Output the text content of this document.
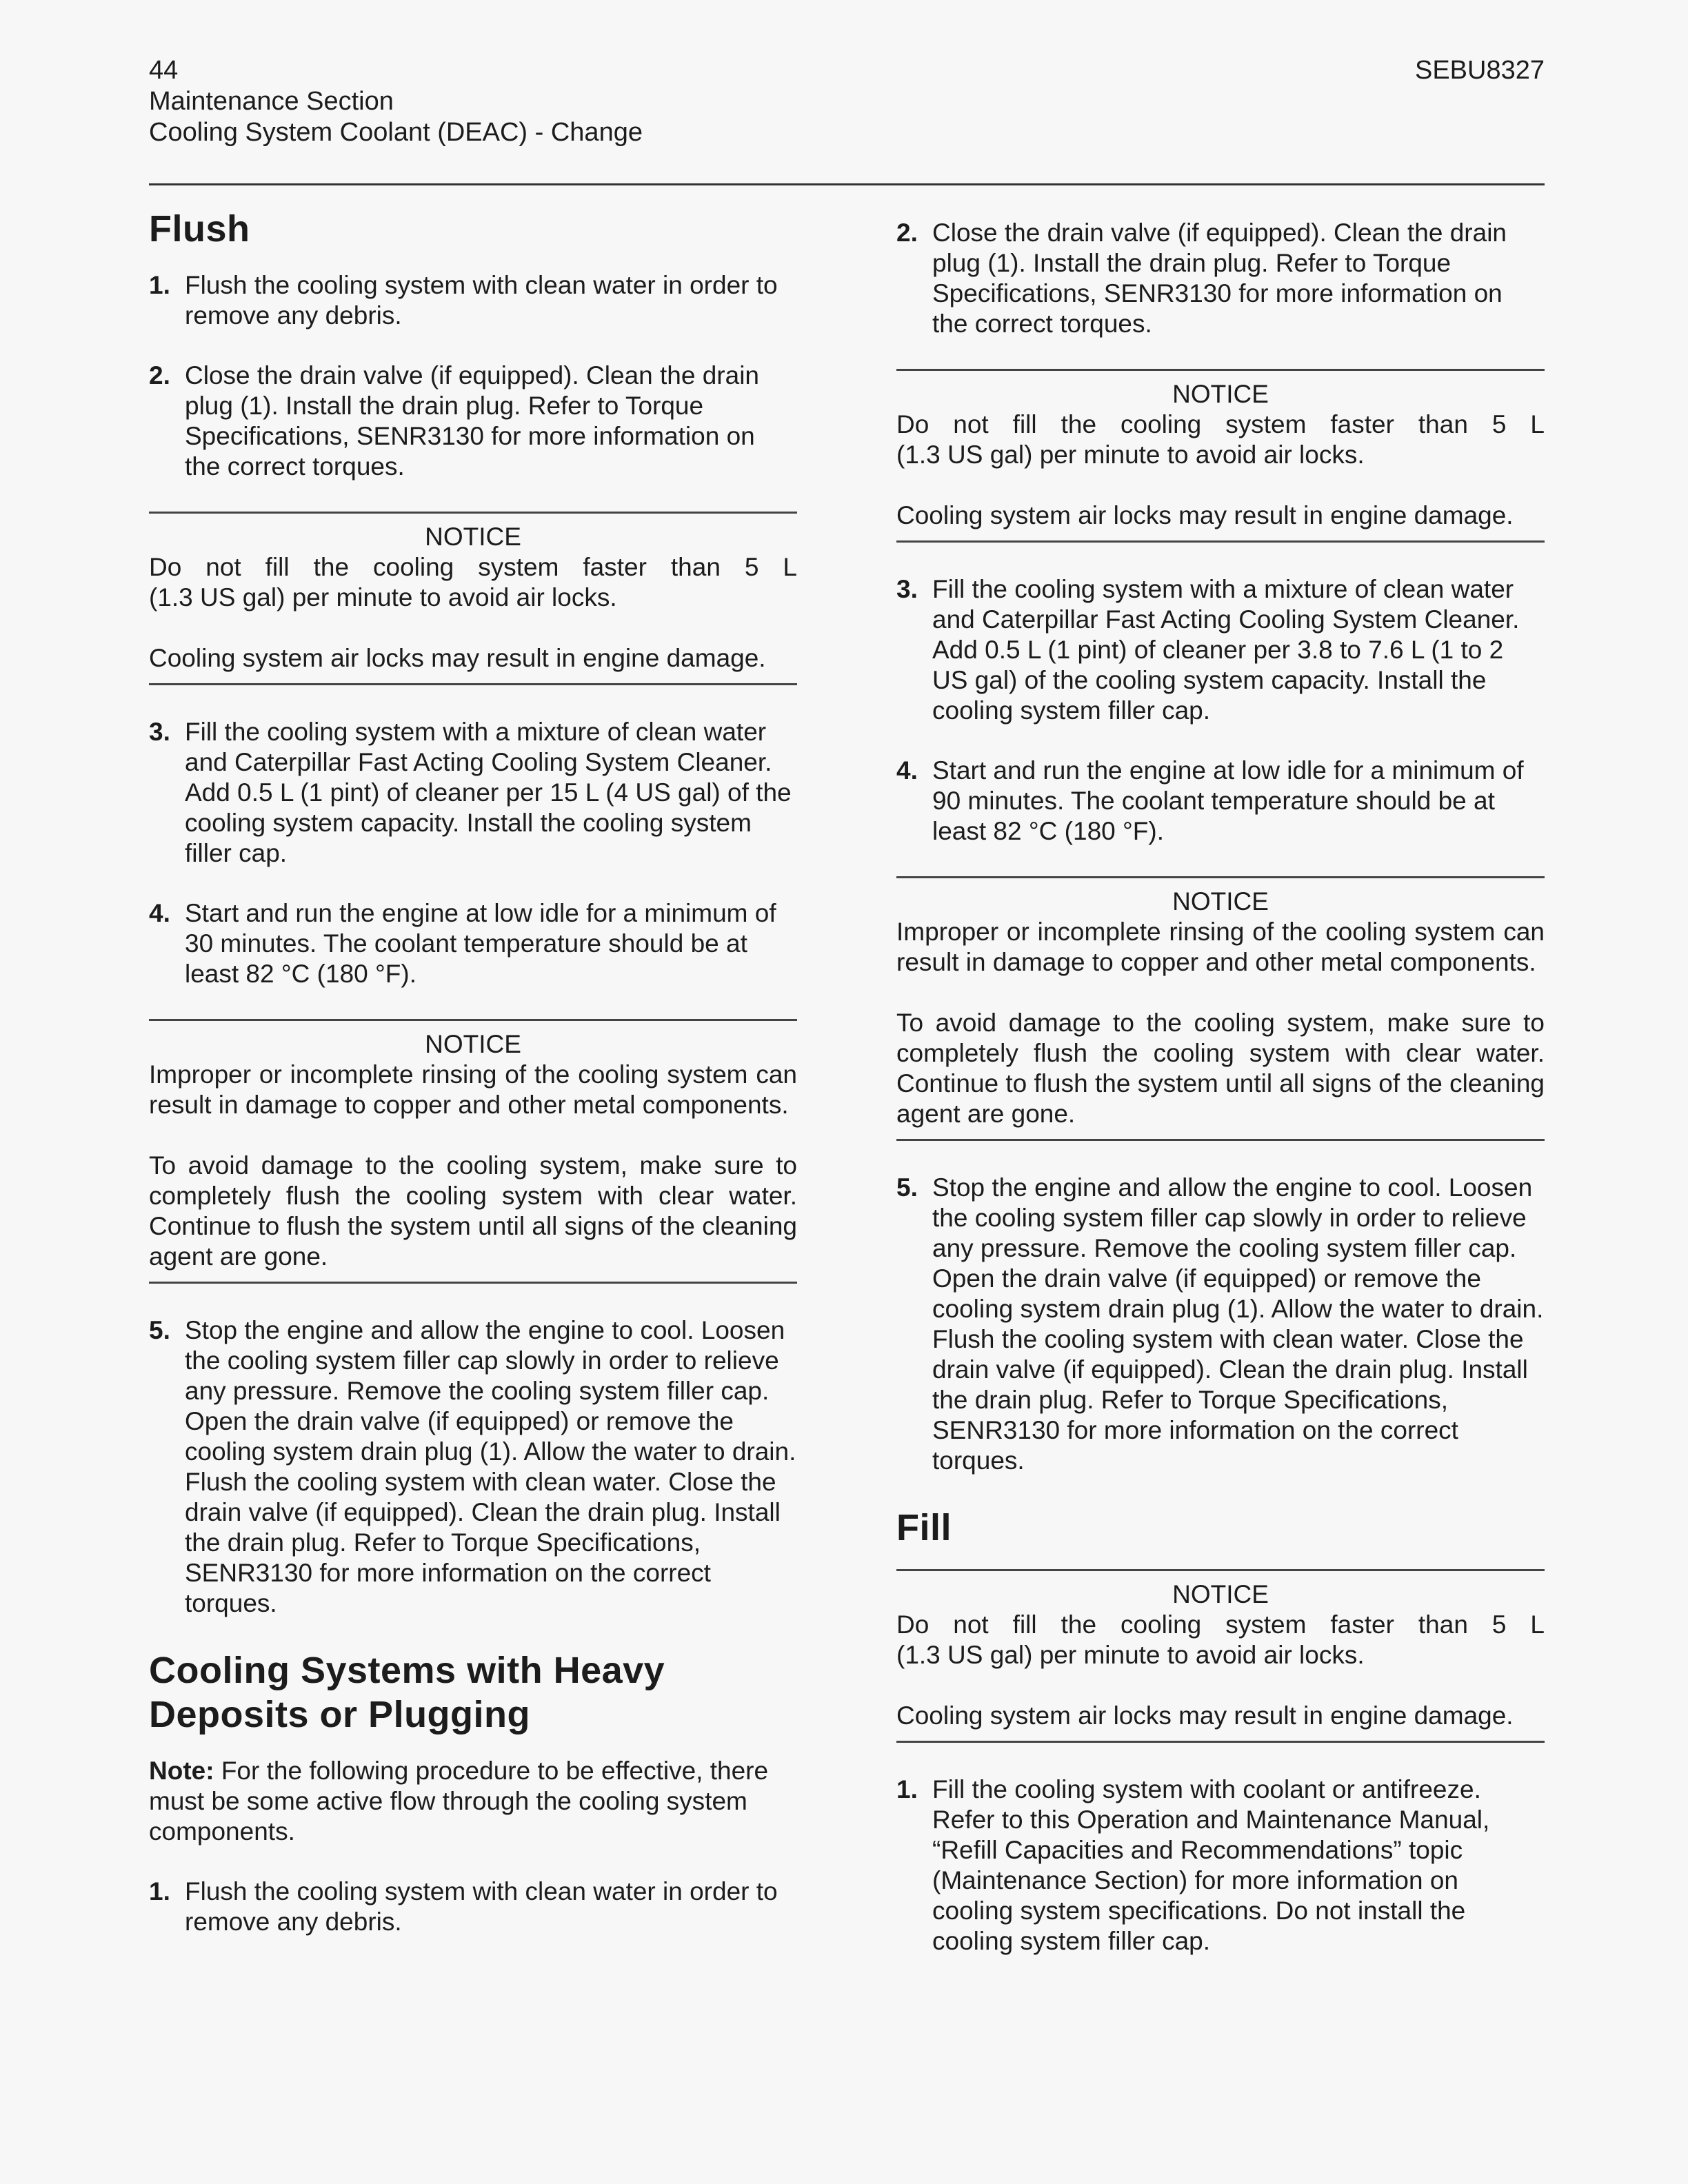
44
Maintenance Section
Cooling System Coolant (DEAC) - Change
SEBU8327
Flush
1. Flush the cooling system with clean water in order to remove any debris.
2. Close the drain valve (if equipped). Clean the drain plug (1). Install the drain plug. Refer to Torque Specifications, SENR3130 for more information on the correct torques.
NOTICE

Do not fill the cooling system faster than 5 L

(1.3 US gal) per minute to avoid air locks.

Cooling system air locks may result in engine damage.

3. Fill the cooling system with a mixture of clean water and Caterpillar Fast Acting Cooling System Cleaner. Add 0.5 L (1 pint) of cleaner per 15 L (4 US gal) of the cooling system capacity. Install the cooling system filler cap.
4. Start and run the engine at low idle for a minimum of 30 minutes. The coolant temperature should be at least 82 °C (180 °F).
NOTICE

Improper or incomplete rinsing of the cooling system can result in damage to copper and other metal components.

To avoid damage to the cooling system, make sure to completely flush the cooling system with clear water. Continue to flush the system until all signs of the cleaning agent are gone.

5. Stop the engine and allow the engine to cool. Loosen the cooling system filler cap slowly in order to relieve any pressure. Remove the cooling system filler cap. Open the drain valve (if equipped) or remove the cooling system drain plug (1). Allow the water to drain. Flush the cooling system with clean water. Close the drain valve (if equipped). Clean the drain plug. Install the drain plug. Refer to Torque Specifications, SENR3130 for more information on the correct torques.
Cooling Systems with Heavy Deposits or Plugging
Note: For the following procedure to be effective, there must be some active flow through the cooling system components.
1. Flush the cooling system with clean water in order to remove any debris.
2. Close the drain valve (if equipped). Clean the drain plug (1). Install the drain plug. Refer to Torque Specifications, SENR3130 for more information on the correct torques.
NOTICE

Do not fill the cooling system faster than 5 L

(1.3 US gal) per minute to avoid air locks.

Cooling system air locks may result in engine damage.

3. Fill the cooling system with a mixture of clean water and Caterpillar Fast Acting Cooling System Cleaner. Add 0.5 L (1 pint) of cleaner per 3.8 to 7.6 L (1 to 2 US gal) of the cooling system capacity. Install the cooling system filler cap.
4. Start and run the engine at low idle for a minimum of 90 minutes. The coolant temperature should be at least 82 °C (180 °F).
NOTICE

Improper or incomplete rinsing of the cooling system can result in damage to copper and other metal components.

To avoid damage to the cooling system, make sure to completely flush the cooling system with clear water. Continue to flush the system until all signs of the cleaning agent are gone.

5. Stop the engine and allow the engine to cool. Loosen the cooling system filler cap slowly in order to relieve any pressure. Remove the cooling system filler cap. Open the drain valve (if equipped) or remove the cooling system drain plug (1). Allow the water to drain. Flush the cooling system with clean water. Close the drain valve (if equipped). Clean the drain plug. Install the drain plug. Refer to Torque Specifications, SENR3130 for more information on the correct torques.
Fill
NOTICE

Do not fill the cooling system faster than 5 L

(1.3 US gal) per minute to avoid air locks.

Cooling system air locks may result in engine damage.

1. Fill the cooling system with coolant or antifreeze. Refer to this Operation and Maintenance Manual, “Refill Capacities and Recommendations” topic (Maintenance Section) for more information on cooling system specifications. Do not install the cooling system filler cap.
